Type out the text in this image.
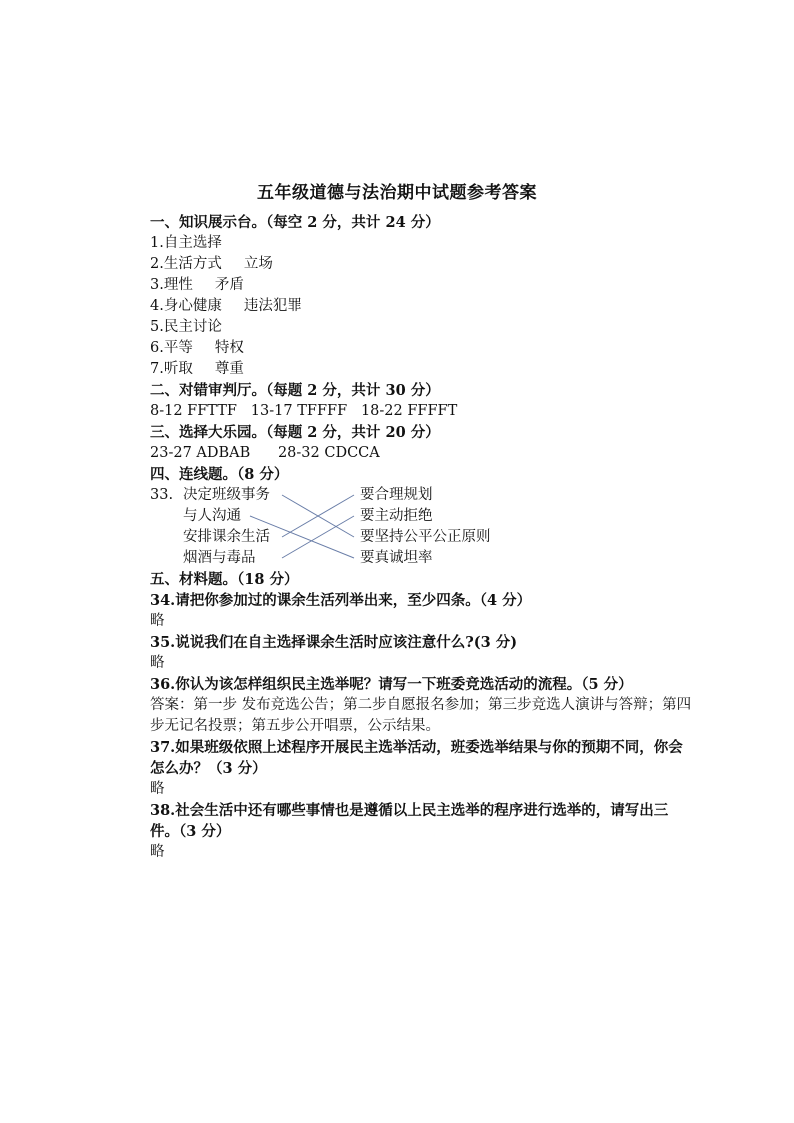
五年级道德与法治期中试题参考答案
一、知识展示台。（每空 2 分，共计 24 分）
1.自主选择
2.生活方式 立场
3.理性 矛盾
4.身心健康 违法犯罪
5.民主讨论
6.平等 特权
7.听取 尊重
二、对错审判厅。（每题 2 分，共计 30 分）
8-12 FFTTF   13-17 TFFFF   18-22 FFFFT
三、选择大乐园。（每题 2 分，共计 20 分）
23-27 ADBAB      28-32 CDCCA
四、连线题。（8 分）
33. 决定班级事务
与人沟通
安排课余生活
烟酒与毒品
要合理规划
要主动拒绝
要坚持公平公正原则
要真诚坦率
五、材料题。（18 分）
34.请把你参加过的课余生活列举出来，至少四条。（4 分）
略
35.说说我们在自主选择课余生活时应该注意什么?(3 分)
略
36.你认为该怎样组织民主选举呢？请写一下班委竞选活动的流程。（5 分）
答案：第一步 发布竞选公告；第二步自愿报名参加；第三步竞选人演讲与答辩；第四步无记名投票；第五步公开唱票，公示结果。
37.如果班级依照上述程序开展民主选举活动，班委选举结果与你的预期不同，你会怎么办？（3 分）
略
38.社会生活中还有哪些事情也是遵循以上民主选举的程序进行选举的，请写出三件。（3 分）
略
